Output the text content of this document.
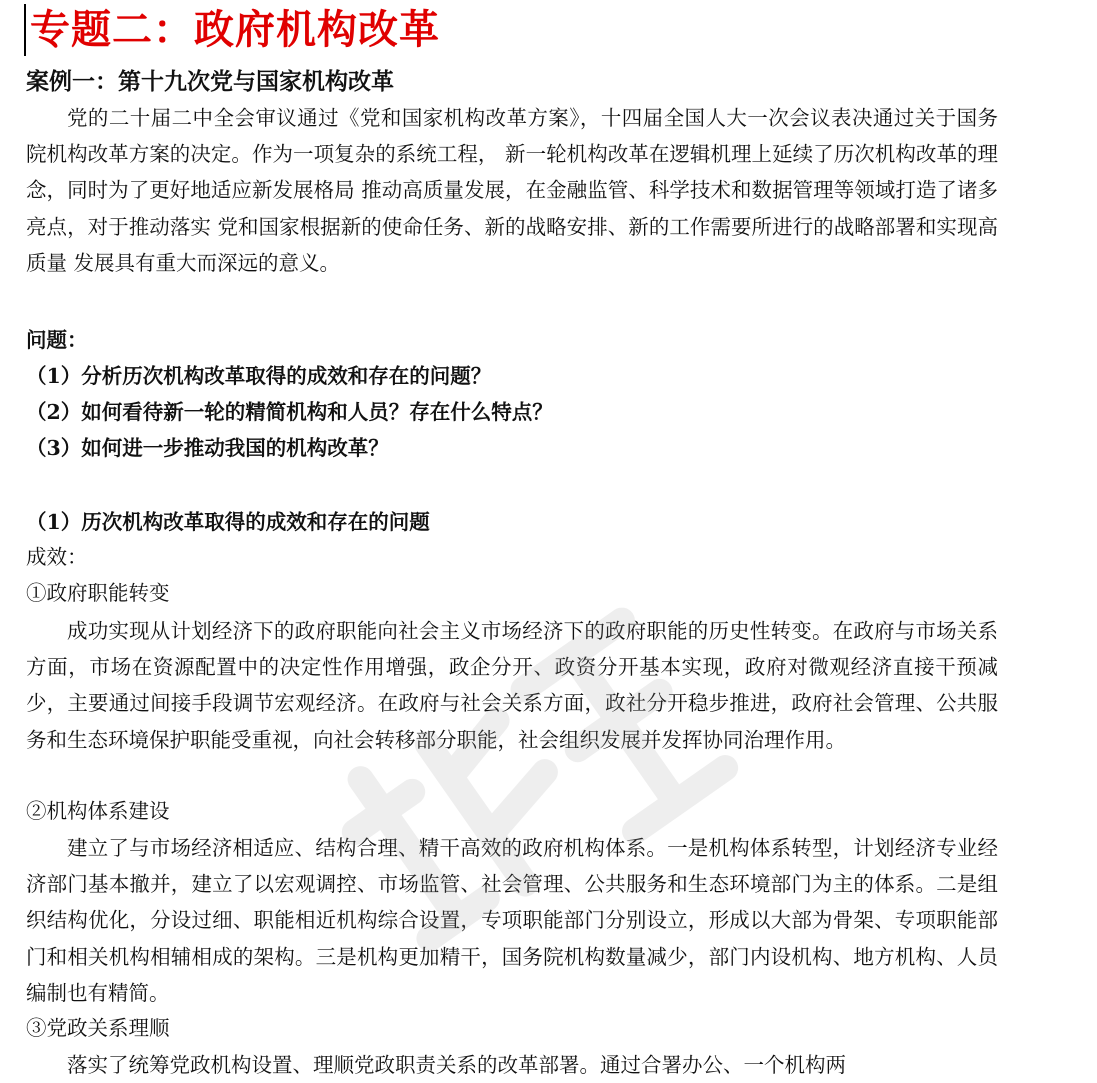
专题二：政府机构改革
案例一：第十九次党与国家机构改革

党的二十届二中全会审议通过《党和国家机构改革方案》，十四届全国人大一次会议表决通过关于国务院机构改革方案的决定。作为一项复杂的系统工程， 新一轮机构改革在逻辑机理上延续了历次机构改革的理念，同时为了更好地适应新发展格局 推动高质量发展，在金融监管、科学技术和数据管理等领域打造了诸多亮点，对于推动落实 党和国家根据新的使命任务、新的战略安排、新的工作需要所进行的战略部署和实现高质量 发展具有重大而深远的意义。

问题：
（1）分析历次机构改革取得的成效和存在的问题？
（2）如何看待新一轮的精简机构和人员？存在什么特点？
（3）如何进一步推动我国的机构改革？
（1）历次机构改革取得的成效和存在的问题
成效：
①政府职能转变

成功实现从计划经济下的政府职能向社会主义市场经济下的政府职能的历史性转变。在政府与市场关系方面，市场在资源配置中的决定性作用增强，政企分开、政资分开基本实现，政府对微观经济直接干预减少，主要通过间接手段调节宏观经济。在政府与社会关系方面，政社分开稳步推进，政府社会管理、公共服务和生态环境保护职能受重视，向社会转移部分职能，社会组织发展并发挥协同治理作用。

②机构体系建设

建立了与市场经济相适应、结构合理、精干高效的政府机构体系。一是机构体系转型，计划经济专业经济部门基本撤并，建立了以宏观调控、市场监管、社会管理、公共服务和生态环境部门为主的体系。二是组织结构优化，分设过细、职能相近机构综合设置，专项职能部门分别设立，形成以大部为骨架、专项职能部门和相关机构相辅相成的架构。三是机构更加精干，国务院机构数量减少，部门内设机构、地方机构、人员编制也有精简。

③党政关系理顺

落实了统筹党政机构设置、理顺党政职责关系的改革部署。通过合署办公、一个机构两
